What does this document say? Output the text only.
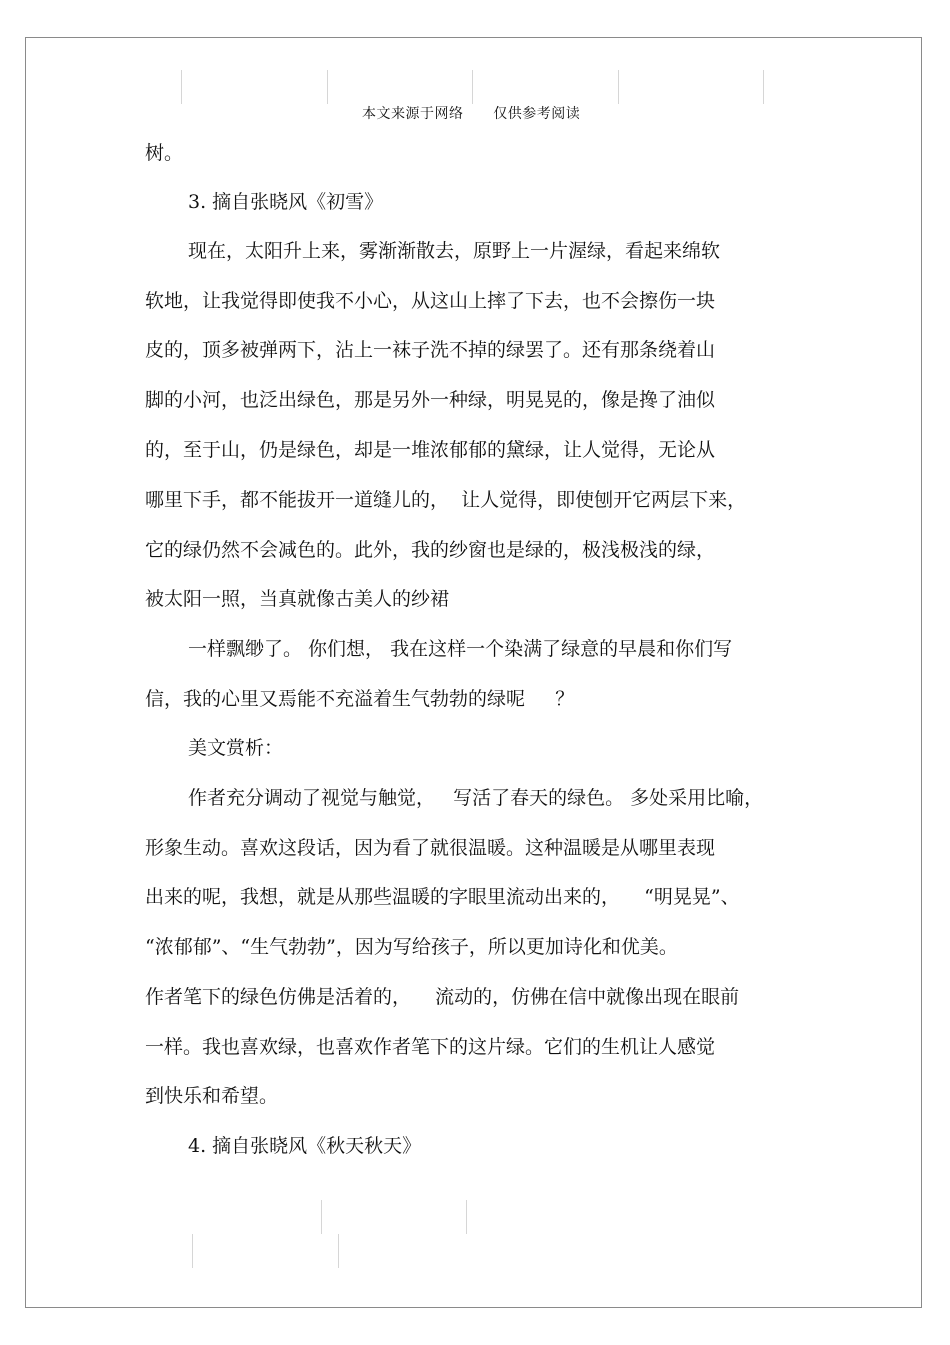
本文来源于网络      仅供参考阅读
树。
3. 摘自张晓风《初雪》
现在，太阳升上来，雾渐渐散去，原野上一片渥绿，看起来绵软
软地，让我觉得即使我不小心，从这山上摔了下去，也不会擦伤一块
皮的，顶多被弹两下，沾上一袜子洗不掉的绿罢了。还有那条绕着山
脚的小河，也泛出绿色，那是另外一种绿，明晃晃的，像是搀了油似
的，至于山，仍是绿色，却是一堆浓郁郁的黛绿，让人觉得，无论从
哪里下手，都不能拔开一道缝儿的，  让人觉得，即使刨开它两层下来，
它的绿仍然不会减色的。此外，我的纱窗也是绿的，极浅极浅的绿，
被太阳一照，当真就像古美人的纱裙
一样飘缈了。 你们想， 我在这样一个染满了绿意的早晨和你们写
信，我的心里又焉能不充溢着生气勃勃的绿呢     ？
美文赏析：
作者充分调动了视觉与触觉，   写活了春天的绿色。 多处采用比喻，
形象生动。喜欢这段话，因为看了就很温暖。这种温暖是从哪里表现
出来的呢，我想，就是从那些温暖的字眼里流动出来的，    “明晃晃”、
“浓郁郁”、“生气勃勃”，因为写给孩子，所以更加诗化和优美。
作者笔下的绿色仿佛是活着的，    流动的，仿佛在信中就像出现在眼前
一样。我也喜欢绿，也喜欢作者笔下的这片绿。它们的生机让人感觉
到快乐和希望。
4. 摘自张晓风《秋天秋天》
